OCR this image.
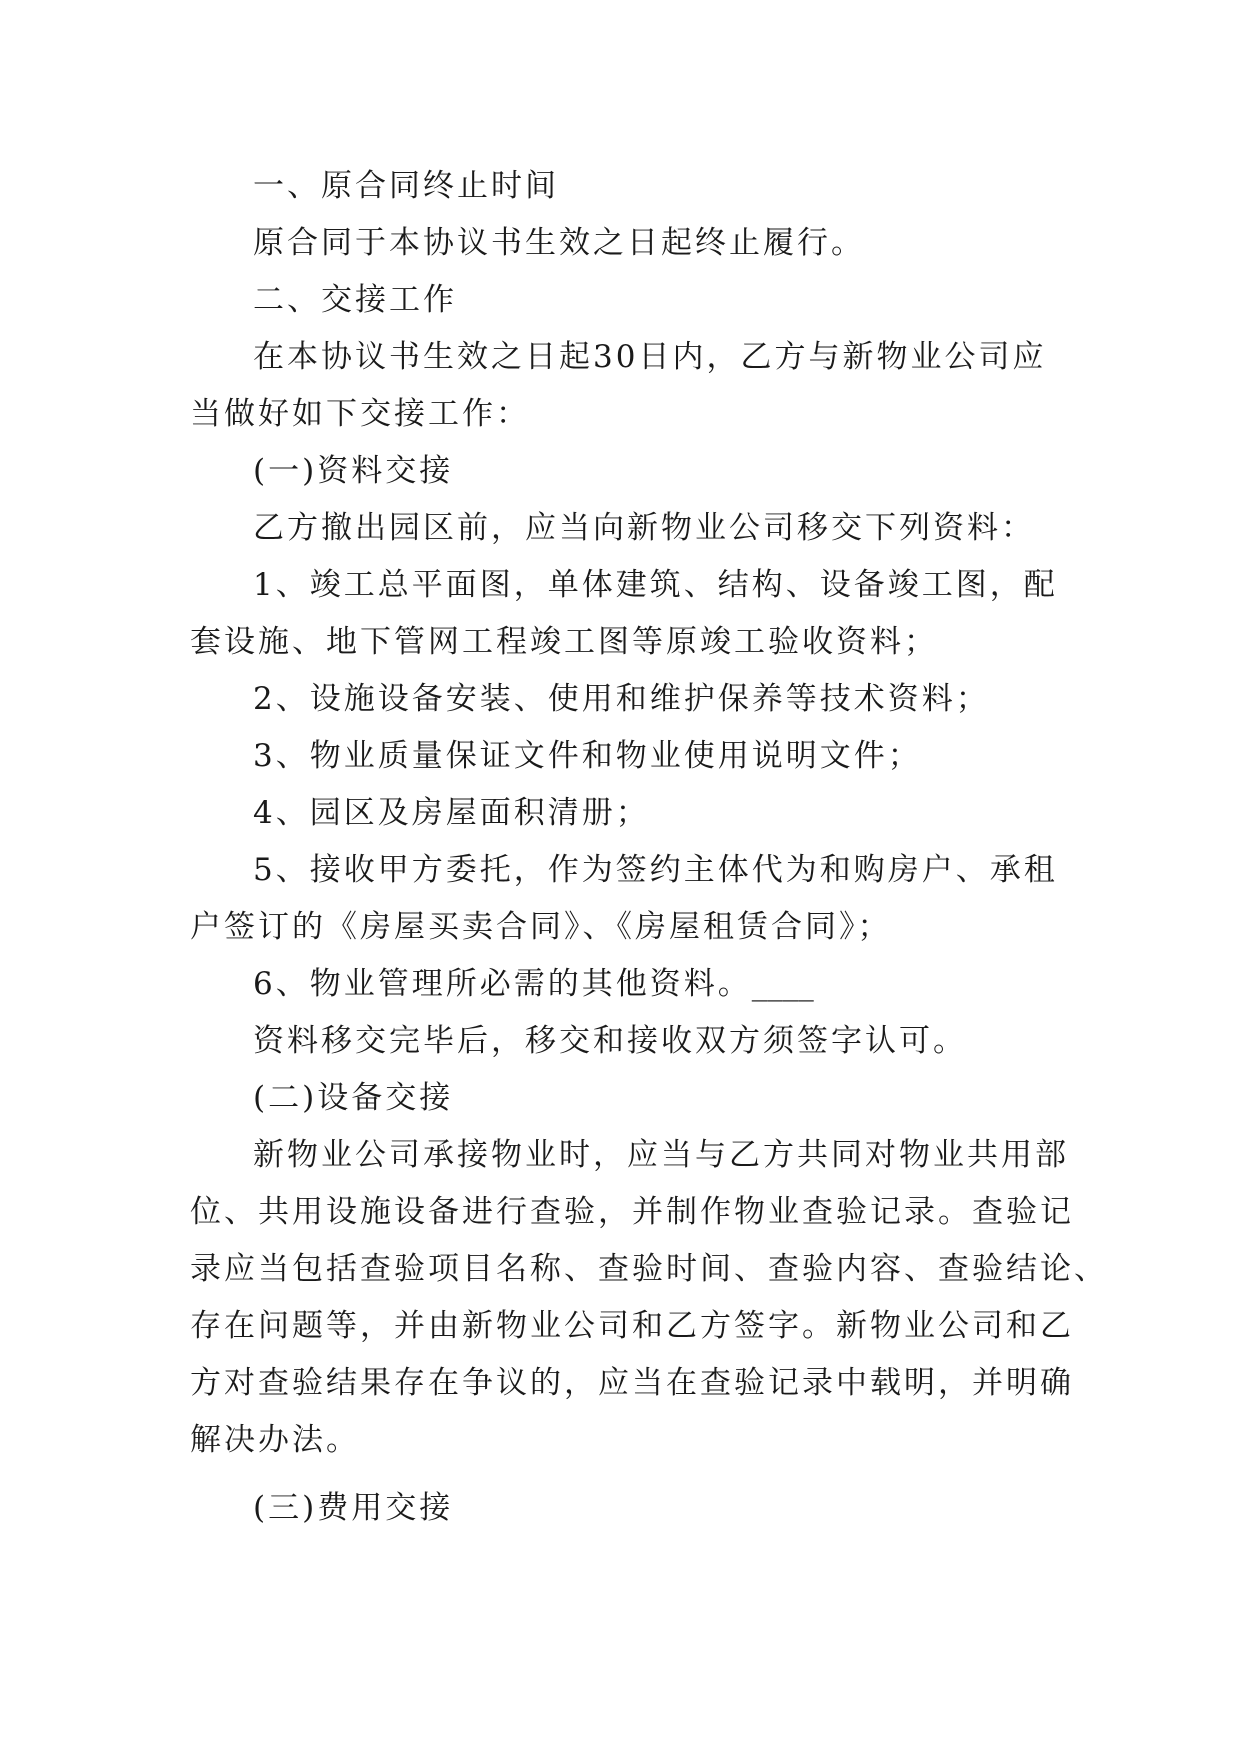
一、原合同终止时间
原合同于本协议书生效之日起终止履行。
二、交接工作
在本协议书生效之日起30日内，乙方与新物业公司应
当做好如下交接工作：
(一)资料交接
乙方撤出园区前，应当向新物业公司移交下列资料：
1、竣工总平面图，单体建筑、结构、设备竣工图，配
套设施、地下管网工程竣工图等原竣工验收资料；
2、设施设备安装、使用和维护保养等技术资料；
3、物业质量保证文件和物业使用说明文件；
4、园区及房屋面积清册；
5、接收甲方委托，作为签约主体代为和购房户、承租
户签订的《房屋买卖合同》、《房屋租赁合同》；
6、物业管理所必需的其他资料。____
资料移交完毕后，移交和接收双方须签字认可。
(二)设备交接
新物业公司承接物业时，应当与乙方共同对物业共用部
位、共用设施设备进行查验，并制作物业查验记录。查验记
录应当包括查验项目名称、查验时间、查验内容、查验结论、
存在问题等，并由新物业公司和乙方签字。新物业公司和乙
方对查验结果存在争议的，应当在查验记录中载明，并明确
解决办法。
(三)费用交接
